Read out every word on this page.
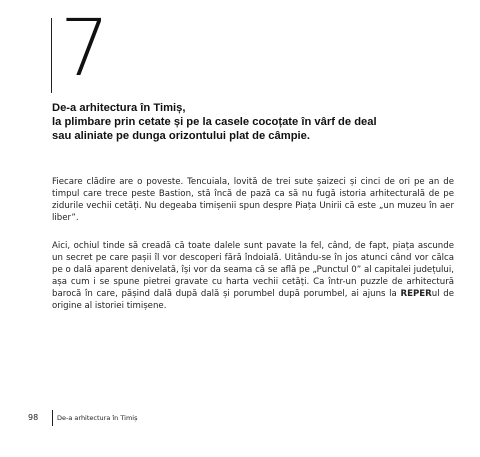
7
De-a arhitectura în Timiș,
la plimbare prin cetate și pe la casele cocoțate în vârf de deal
sau aliniate pe dunga orizontului plat de câmpie.
Fiecare clădire are o poveste. Tencuiala, lovită de trei sute șaizeci și cinci de ori pe an de timpul care trece peste Bastion, stă încă de pază ca să nu fugă istoria arhitecturală de pe zidurile vechii cetăți. Nu degeaba timișenii spun despre Piața Unirii că este „un muzeu în aer liber”.
Aici, ochiul tinde să creadă că toate dalele sunt pavate la fel, când, de fapt, piața ascunde un secret pe care pașii îl vor descoperi fără îndoială. Uitându-se în jos atunci când vor călca pe o dală aparent denivelată, își vor da seama că se află pe „Punctul 0” al capitalei județului, așa cum i se spune pietrei gravate cu harta vechii cetăți. Ca într-un puzzle de arhitectură barocă în care, pășind dală după dală și porumbel după porumbel, ai ajuns la REPERul de origine al istoriei timișene.
98	De-a arhitectura în Timiș
